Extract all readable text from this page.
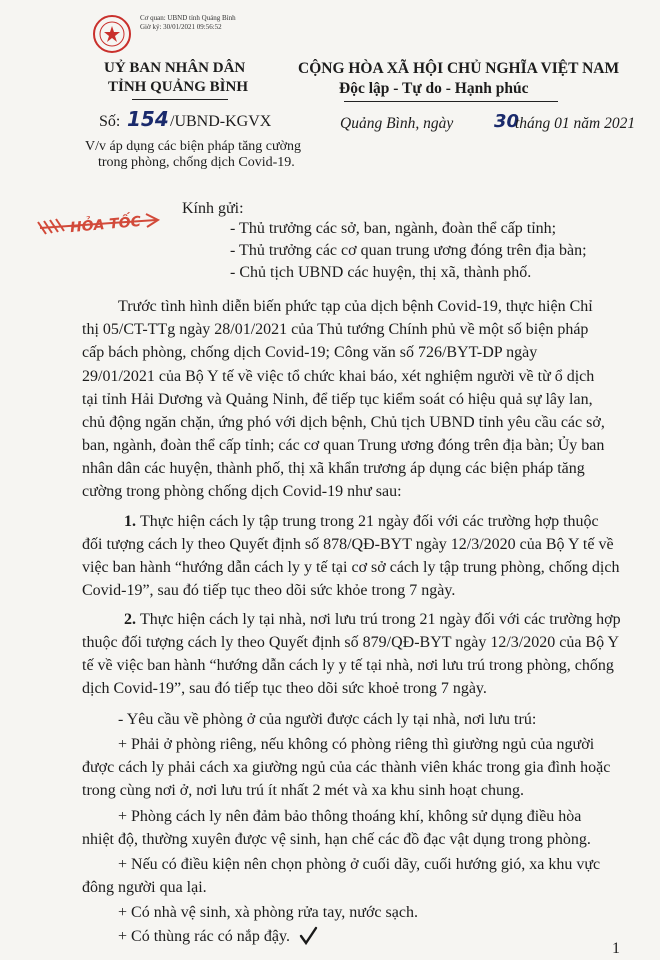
Cơ quan: UBND tỉnh Quảng Bình
Giờ ký: 30/01/2021 09:56:52
UỶ BAN NHÂN DÂN
TỈNH QUẢNG BÌNH
CỘNG HÒA XÃ HỘI CHỦ NGHĨA VIỆT NAM
Độc lập - Tự do - Hạnh phúc
Số: 154 /UBND-KGVX	Quảng Bình, ngày 30
tháng 01 năm 2021
V/v áp dụng các biện pháp tăng cường
trong phòng, chống dịch Covid-19.
HỎA TỐC
Kính gửi:
- Thủ trưởng các sở, ban, ngành, đoàn thể cấp tỉnh;
- Thủ trưởng các cơ quan trung ương đóng trên địa bàn;
- Chủ tịch UBND các huyện, thị xã, thành phố.
Trước tình hình diễn biến phức tạp của dịch bệnh Covid-19, thực hiện Chỉ
thị 05/CT-TTg ngày 28/01/2021 của Thủ tướng Chính phủ về một số biện pháp
cấp bách phòng, chống dịch Covid-19; Công văn số 726/BYT-DP ngày
29/01/2021 của Bộ Y tế về việc tổ chức khai báo, xét nghiệm người về từ ổ dịch
tại tỉnh Hải Dương và Quảng Ninh, để tiếp tục kiểm soát có hiệu quả sự lây lan,
chủ động ngăn chặn, ứng phó với dịch bệnh, Chủ tịch UBND tỉnh yêu cầu các sở,
ban, ngành, đoàn thể cấp tỉnh; các cơ quan Trung ương đóng trên địa bàn; Ủy ban
nhân dân các huyện, thành phố, thị xã khẩn trương áp dụng các biện pháp tăng
cường trong phòng chống dịch Covid-19 như sau:
1. Thực hiện cách ly tập trung trong 21 ngày đối với các trường hợp thuộc
đối tượng cách ly theo Quyết định số 878/QĐ-BYT ngày 12/3/2020 của Bộ Y tế về
việc ban hành “hướng dẫn cách ly y tế tại cơ sở cách ly tập trung phòng, chống dịch
Covid-19”, sau đó tiếp tục theo dõi sức khỏe trong 7 ngày.
2. Thực hiện cách ly tại nhà, nơi lưu trú trong 21 ngày đối với các trường hợp
thuộc đối tượng cách ly theo Quyết định số 879/QĐ-BYT ngày 12/3/2020 của Bộ Y
tế về việc ban hành “hướng dẫn cách ly y tế tại nhà, nơi lưu trú trong phòng, chống
dịch Covid-19”, sau đó tiếp tục theo dõi sức khoẻ trong 7 ngày.
- Yêu cầu về phòng ở của người được cách ly tại nhà, nơi lưu trú:
+ Phải ở phòng riêng, nếu không có phòng riêng thì giường ngủ của người
được cách ly phải cách xa giường ngủ của các thành viên khác trong gia đình hoặc
trong cùng nơi ở, nơi lưu trú ít nhất 2 mét và xa khu sinh hoạt chung.
+ Phòng cách ly nên đảm bảo thông thoáng khí, không sử dụng điều hòa
nhiệt độ, thường xuyên được vệ sinh, hạn chế các đồ đạc vật dụng trong phòng.
+ Nếu có điều kiện nên chọn phòng ở cuối dãy, cuối hướng gió, xa khu vực
đông người qua lại.
+ Có nhà vệ sinh, xà phòng rửa tay, nước sạch.
+ Có thùng rác có nắp đậy.
1
